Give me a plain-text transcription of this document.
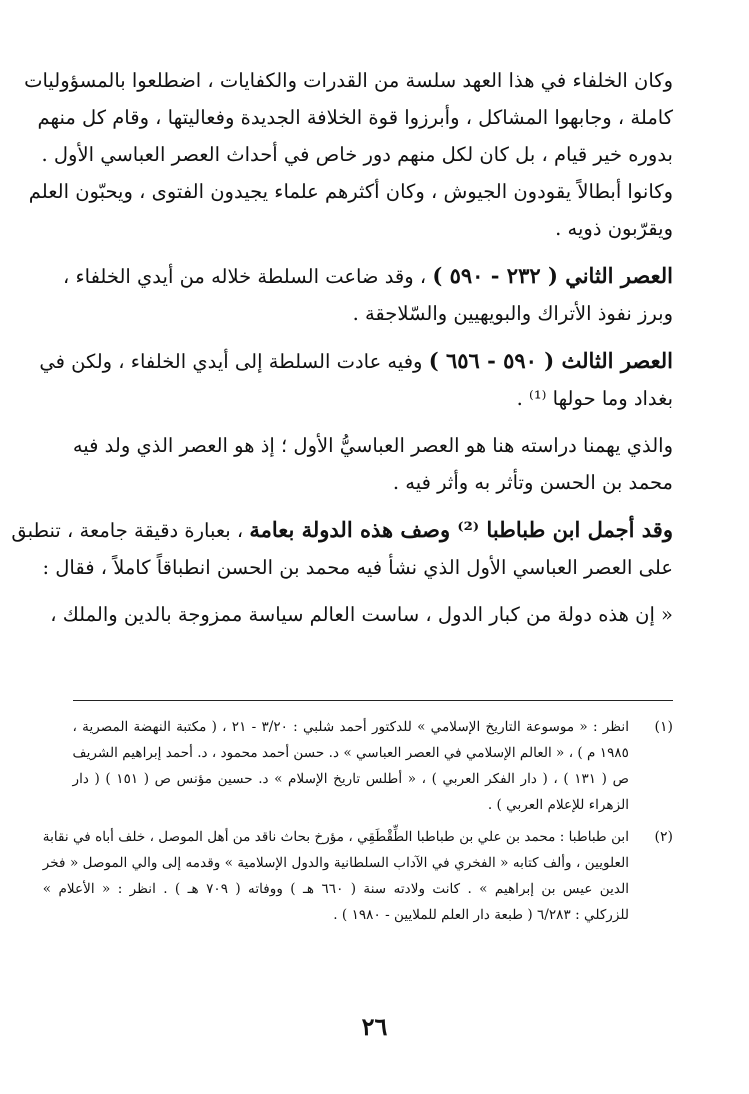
وكان الخلفاء في هذا العهد سلسة من القدرات والكفايات ، اضطلعوا بالمسؤوليات
كاملة ، وجابهوا المشاكل ، وأبرزوا قوة الخلافة الجديدة وفعاليتها ، وقام كل منهم
بدوره خير قيام ، بل كان لكل منهم دور خاص في أحداث العصر العباسي الأول .
وكانوا أبطالاً يقودون الجيوش ، وكان أكثرهم علماء يجيدون الفتوى ، ويحبّون العلم
ويقرّبون ذويه .
العصر الثاني ( ٢٣٢ - ٥٩٠ ) ، وقد ضاعت السلطة خلاله من أيدي الخلفاء ،
وبرز نفوذ الأتراك والبويهيين والسّلاجقة .
العصر الثالث ( ٥٩٠ - ٦٥٦ ) وفيه عادت السلطة إلى أيدي الخلفاء ، ولكن في
بغداد وما حولها ⁽¹⁾ .
والذي يهمنا دراسته هنا هو العصر العباسيُّ الأول ؛ إذ هو العصر الذي ولد فيه
محمد بن الحسن وتأثر به وأثر فيه .
وقد أجمل ابن طباطبا ⁽²⁾ وصف هذه الدولة بعامة ، بعبارة دقيقة جامعة ، تنطبق
على العصر العباسي الأول الذي نشأ فيه محمد بن الحسن انطباقاً كاملاً ، فقال :
« إن هذه دولة من كبار الدول ، ساست العالم سياسة ممزوجة بالدين والملك ،
(١)
انظر : « موسوعة التاريخ الإسلامي » للدكتور أحمد شلبي : ٣/٢٠ - ٢١ ، ( مكتبة النهضة المصرية ،
١٩٨٥ م ) ، « العالم الإسلامي في العصر العباسي » د. حسن أحمد محمود ، د. أحمد إبراهيم الشريف
ص ( ١٣١ ) ، ( دار الفكر العربي ) ، « أطلس تاريخ الإسلام » د. حسين مؤنس ص ( ١٥١ ) ( دار
الزهراء للإعلام العربي ) .
(٢)
ابن طباطبا : محمد بن علي بن طباطبا الطِّقْطَقِي ، مؤرخ بحاث ناقد من أهل الموصل ، خلف أباه في نقابة
العلويين ، وألف كتابه « الفخري في الآداب السلطانية والدول الإسلامية » وقدمه إلى والي الموصل « فخر
الدين عيس بن إبراهيم » . كانت ولادته سنة ( ٦٦٠ هـ ) ووفاته ( ٧٠٩ هـ ) . انظر : « الأعلام »
للزركلي : ٦/٢٨٣ ( طبعة دار العلم للملايين - ١٩٨٠ ) .
٢٦
